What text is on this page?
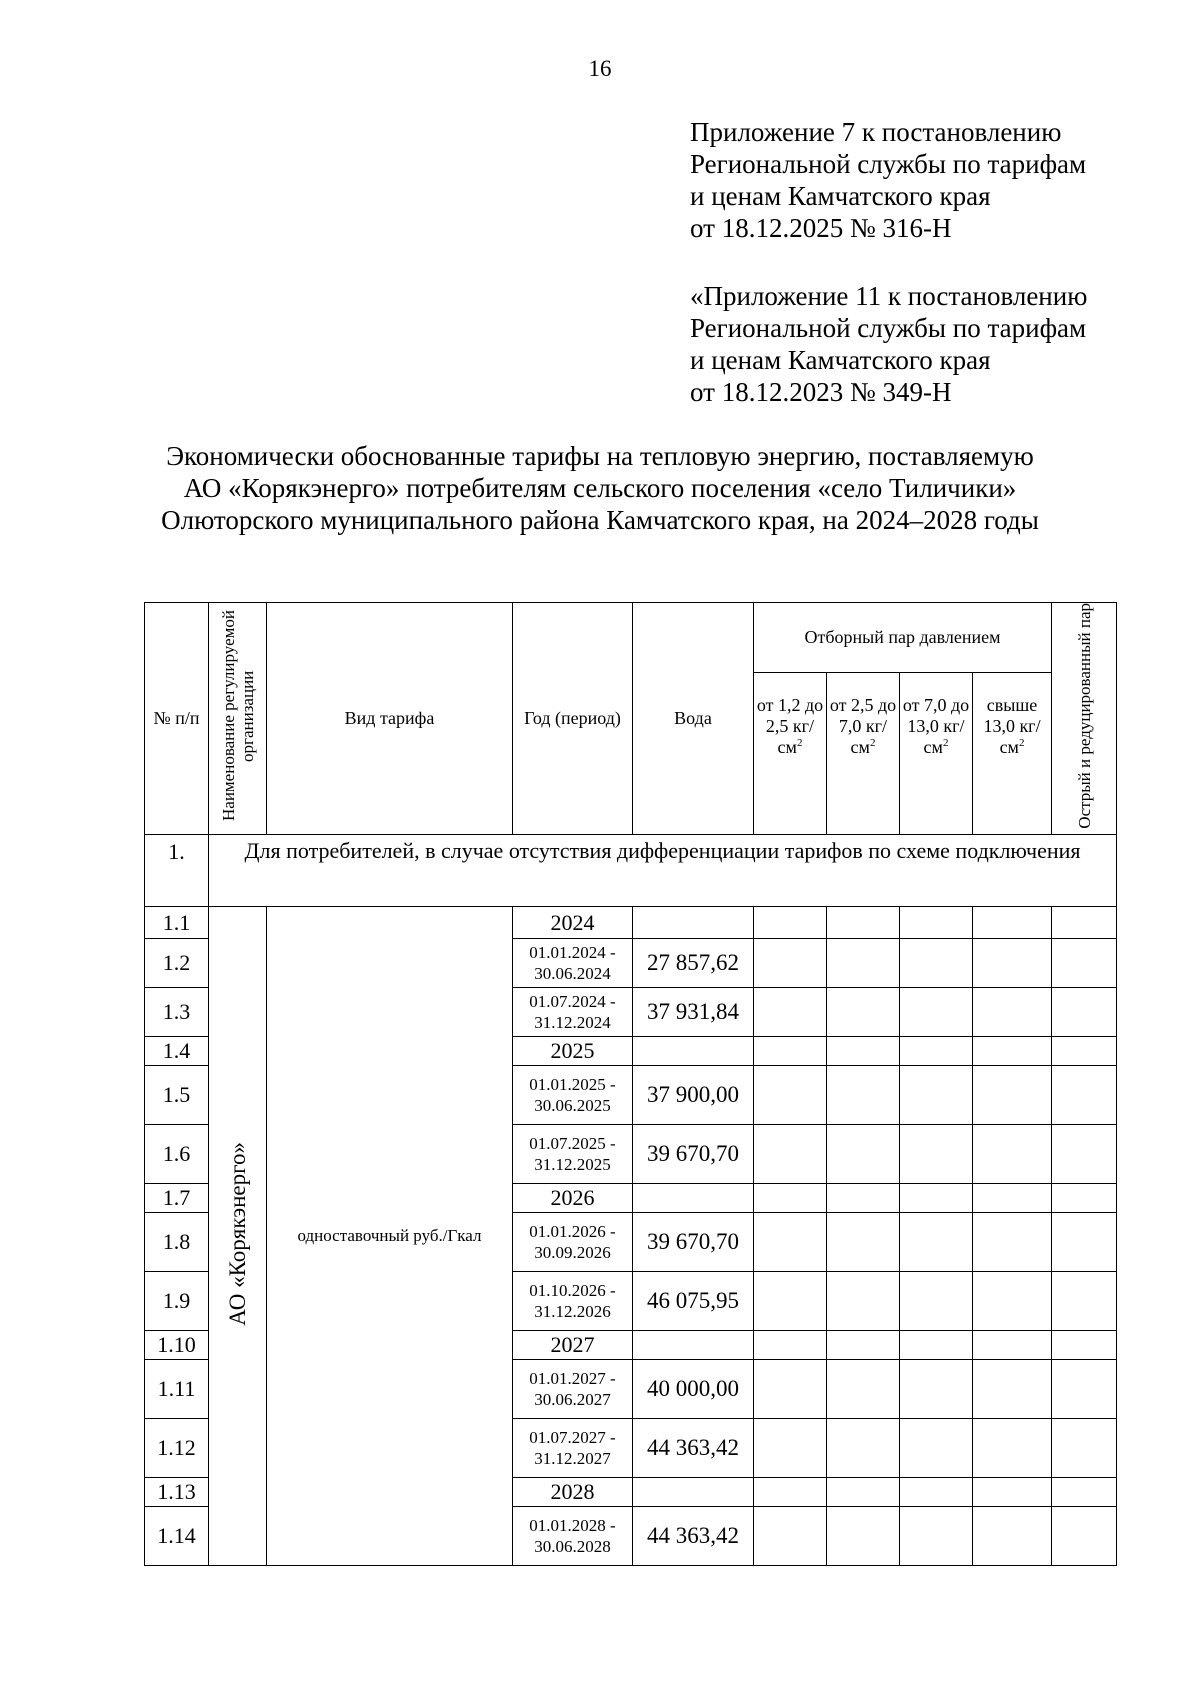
16
Приложение 7 к постановлению
Региональной службы по тарифам
и ценам Камчатского края
от 18.12.2025 № 316-Н
«Приложение 11 к постановлению
Региональной службы по тарифам
и ценам Камчатского края
от 18.12.2023 № 349-Н
Экономически обоснованные тарифы на тепловую энергию, поставляемую
АО «Корякэнерго» потребителям сельского поселения «село Тиличики»
Олюторского муниципального района Камчатского края, на 2024–2028 годы
№ п/п	Наименование регулируемой организации	Вид тарифа	Год (период)	Вода	Отборный пар давлением				Острый и редуцированный пар
					от 1,2 до 2,5 $кг/см^2$	от 2,5 до 7,0 $кг/см^2$	от 7,0 до 13,0 $кг/см^2$	свыше 13,0 $кг/см^2$
1.	Для потребителей, в случае отсутствия дифференциации тарифов по схеме подключения								
1.1	АО «Корякэнерго»	одноставочный руб./Гкал	2024						
1.2			01.01.2024 - 30.06.2024	27 857,62					
1.3			01.07.2024 - 31.12.2024	37 931,84					
1.4			2025						
1.5			01.01.2025 - 30.06.2025	37 900,00					
1.6			01.07.2025 - 31.12.2025	39 670,70					
1.7			2026						
1.8			01.01.2026 - 30.09.2026	39 670,70					
1.9			01.10.2026 - 31.12.2026	46 075,95					
1.10			2027						
1.11			01.01.2027 - 30.06.2027	40 000,00					
1.12			01.07.2027 - 31.12.2027	44 363,42					
1.13			2028						
1.14			01.01.2028 - 30.06.2028	44 363,42					
